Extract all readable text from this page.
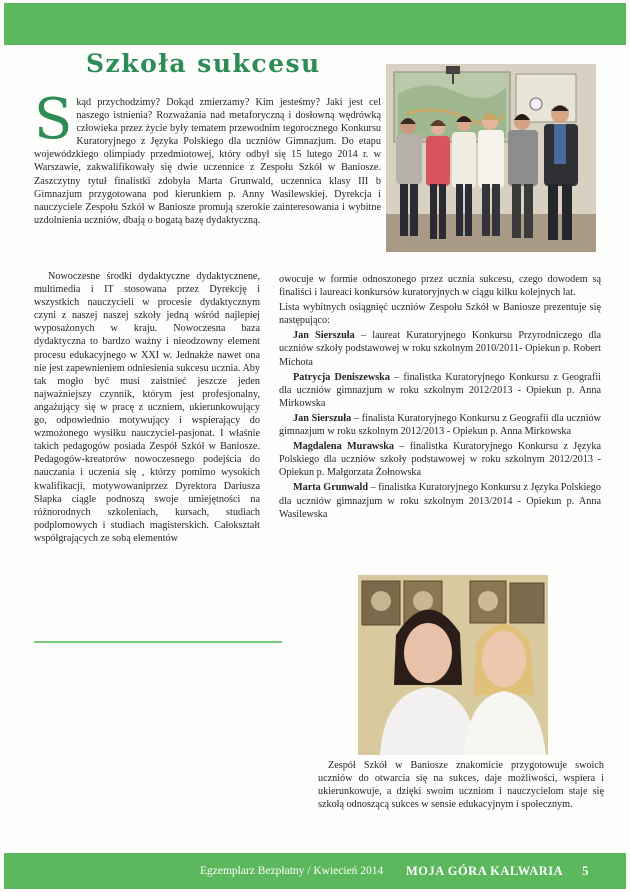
Szkoła sukcesu
S kąd przychodzimy? Dokąd zmierzamy? Kim jesteśmy? Jaki jest cel naszego istnienia? Rozważania nad metaforyczną i dosłowną wędrówką człowieka przez życie były tematem przewodnim tegorocznego Konkursu Kuratoryjnego z Języka Polskiego dla uczniów Gimnazjum. Do etapu wojewódzkiego olimpiady przedmiotowej, który odbył się 15 lutego 2014 r. w Warszawie, zakwalifikowały się dwie uczennice z Zespołu Szkół w Baniosze. Zaszczytny tytuł finalistki zdobyła Marta Grunwald, uczennica klasy III b Gimnazjum przygotowana pod kierunkiem p. Anny Wasilewskiej. Dyrekcja i nauczyciele Zespołu Szkół w Baniosze promują szerokie zainteresowania i wybitne uzdolnienia uczniów, dbają o bogatą bazę dydaktyczną.

Nowoczesne środki dydaktyczne dydaktycznene, multimedia i IT stosowana przez Dyrekcję i wszystkich nauczycieli w procesie dydaktycznym czyni z naszej naszej szkoły jedną wśród najlepiej wyposażonych w kraju. Nowoczesna baza dydaktyczna to bardzo ważny i nieodzowny element procesu edukacyjnego w XXI w. Jednakże nawet ona nie jest zapewnieniem odniesienia sukcesu ucznia. Aby tak mogło być musi zaistnieć jeszcze jeden najważniejszy czynnik, którym jest profesjonalny, angażujący się w pracę z uczniem, ukierunkowujący go, odpowiednio motywujący i wspierający do wzmożonego wysiłku nauczyciel-pasjonat. I właśnie takich pedagogów posiada Zespół Szkół w Baniosze. Pedagogów-kreatorów nowoczesnego podejścia do nauczania i uczenia się , którzy pomimo wysokich kwalifikacji, motywowaniprzez Dyrektora Dariusza Słapka ciągle podnoszą swoje umiejętności na różnorodnych szkoleniach, kursach, studiach podplomowych i studiach magisterskich. Całokształt współgrających ze sobą elementów

owocuje w formie odnoszonego przez ucznia sukcesu, czego dowodem są finaliści i laureaci konkursów kuratoryjnych w ciągu kilku kolejnych lat.

Lista wybitnych osiągnięć uczniów Zespołu Szkół w Baniosze prezentuje się następująco:

Jan Sierszuła – laureat Kuratoryjnego Konkursu Przyrodniczego dla uczniów szkoły podstawowej w roku szkolnym 2010/2011- Opiekun p. Robert Michota

Patrycja Deniszewska – finalistka Kuratoryjnego Konkursu z Geografii dla uczniów gimnazjum w roku szkolnym 2012/2013 - Opiekun p. Anna Mirkowska

Jan Sierszuła – finalista Kuratoryjnego Konkursu z Geografii dla uczniów gimnazjum w roku szkolnym 2012/2013 - Opiekun p. Anna Mirkowska

Magdalena Murawska – finalistka Kuratoryjnego Konkursu z Języka Polskiego dla uczniów szkoły podstawowej w roku szkolnym 2012/2013 - Opiekun p. Małgorzata Żołnowska

Marta Grunwald – finalistka Kuratoryjnego Konkursu z Języka Polskiego dla uczniów gimnazjum w roku szkolnym 2013/2014 - Opiekun p. Anna Wasilewska

Zespół Szkół w Baniosze znakomicie przygotowuje swoich uczniów do otwarcia się na sukces, daje możliwości, wspiera i ukierunkowuje, a dzięki swoim uczniom i nauczycielom staje się szkołą odnoszącą sukces w sensie edukacyjnym i społecznym.

Egzemplarz Bezpłatny / Kwiecień 2014 MOJA GÓRA KALWARIA 5
